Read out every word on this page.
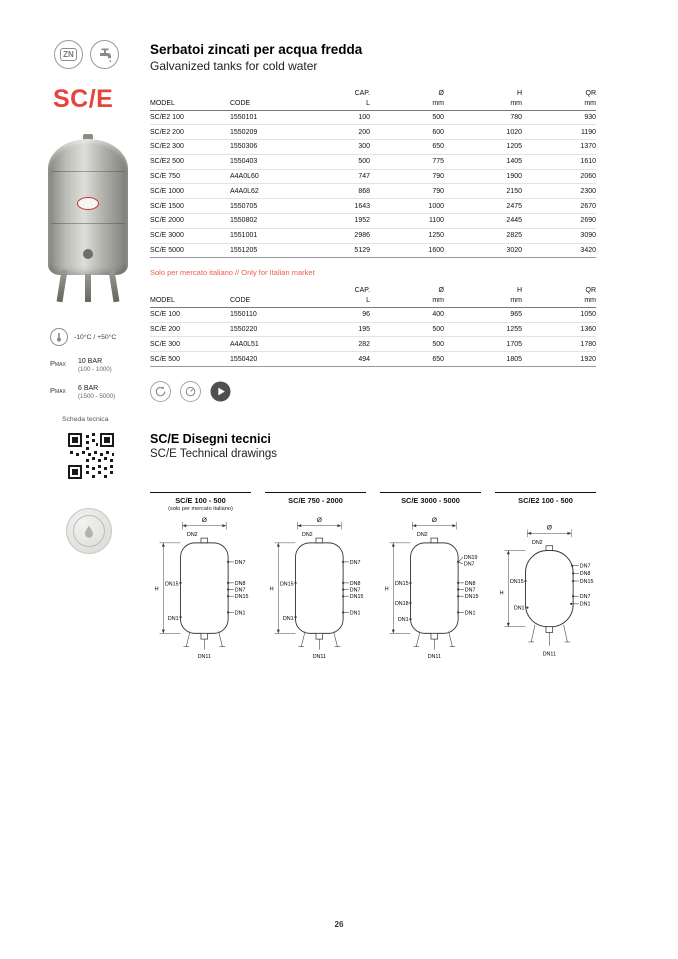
ZN
SC/E
-10°C / +50°C
Pmax	10 BAR
(100 - 1000)
Pmax	6 BAR
(1500 - 5000)
Scheda tecnica
Serbatoi zincati per acqua fredda
Galvanized tanks for cold water
		CAP.	Ø	H	QR
MODEL	CODE	L	mm	mm	mm
SC/E2 100	1550101	100	500	780	930
SC/E2 200	1550209	200	600	1020	1190
SC/E2 300	1550306	300	650	1205	1370
SC/E2 500	1550403	500	775	1405	1610
SC/E 750	A4A0L60	747	790	1900	2060
SC/E 1000	A4A0L62	868	790	2150	2300
SC/E 1500	1550705	1643	1000	2475	2670
SC/E 2000	1550802	1952	1100	2445	2690
SC/E 3000	1551001	2986	1250	2825	3090
SC/E 5000	1551205	5129	1600	3020	3420

Solo per mercato italiano // Only for Italian market

		CAP.	Ø	H	QR
MODEL	CODE	L	mm	mm	mm
SC/E 100	1550110	96	400	965	1050
SC/E 200	1550220	195	500	1255	1360
SC/E 300	A4A0L51	282	500	1705	1780
SC/E 500	1550420	494	650	1805	1920
SC/E Disegni tecnici
SC/E Technical drawings
SC/E 100 - 500
(solo per mercato italiano)
Ø
DN2
H
DN15
DN1
DN7
DN8
DN7
DN15
DN1
DN11
SC/E 750 - 2000
Ø
DN2
H
DN15
DN1
DN7
DN8
DN7
DN15
DN1
DN11
SC/E 3000 - 5000
Ø
DN2
H
DN15
DN18
DN1
DN19
DN7
DN8
DN7
DN15
DN1
DN11
SC/E2 100 - 500
Ø
DN2
H
DN15
DN1
DN7
DN8
DN15
DN7
DN1
DN11
26
